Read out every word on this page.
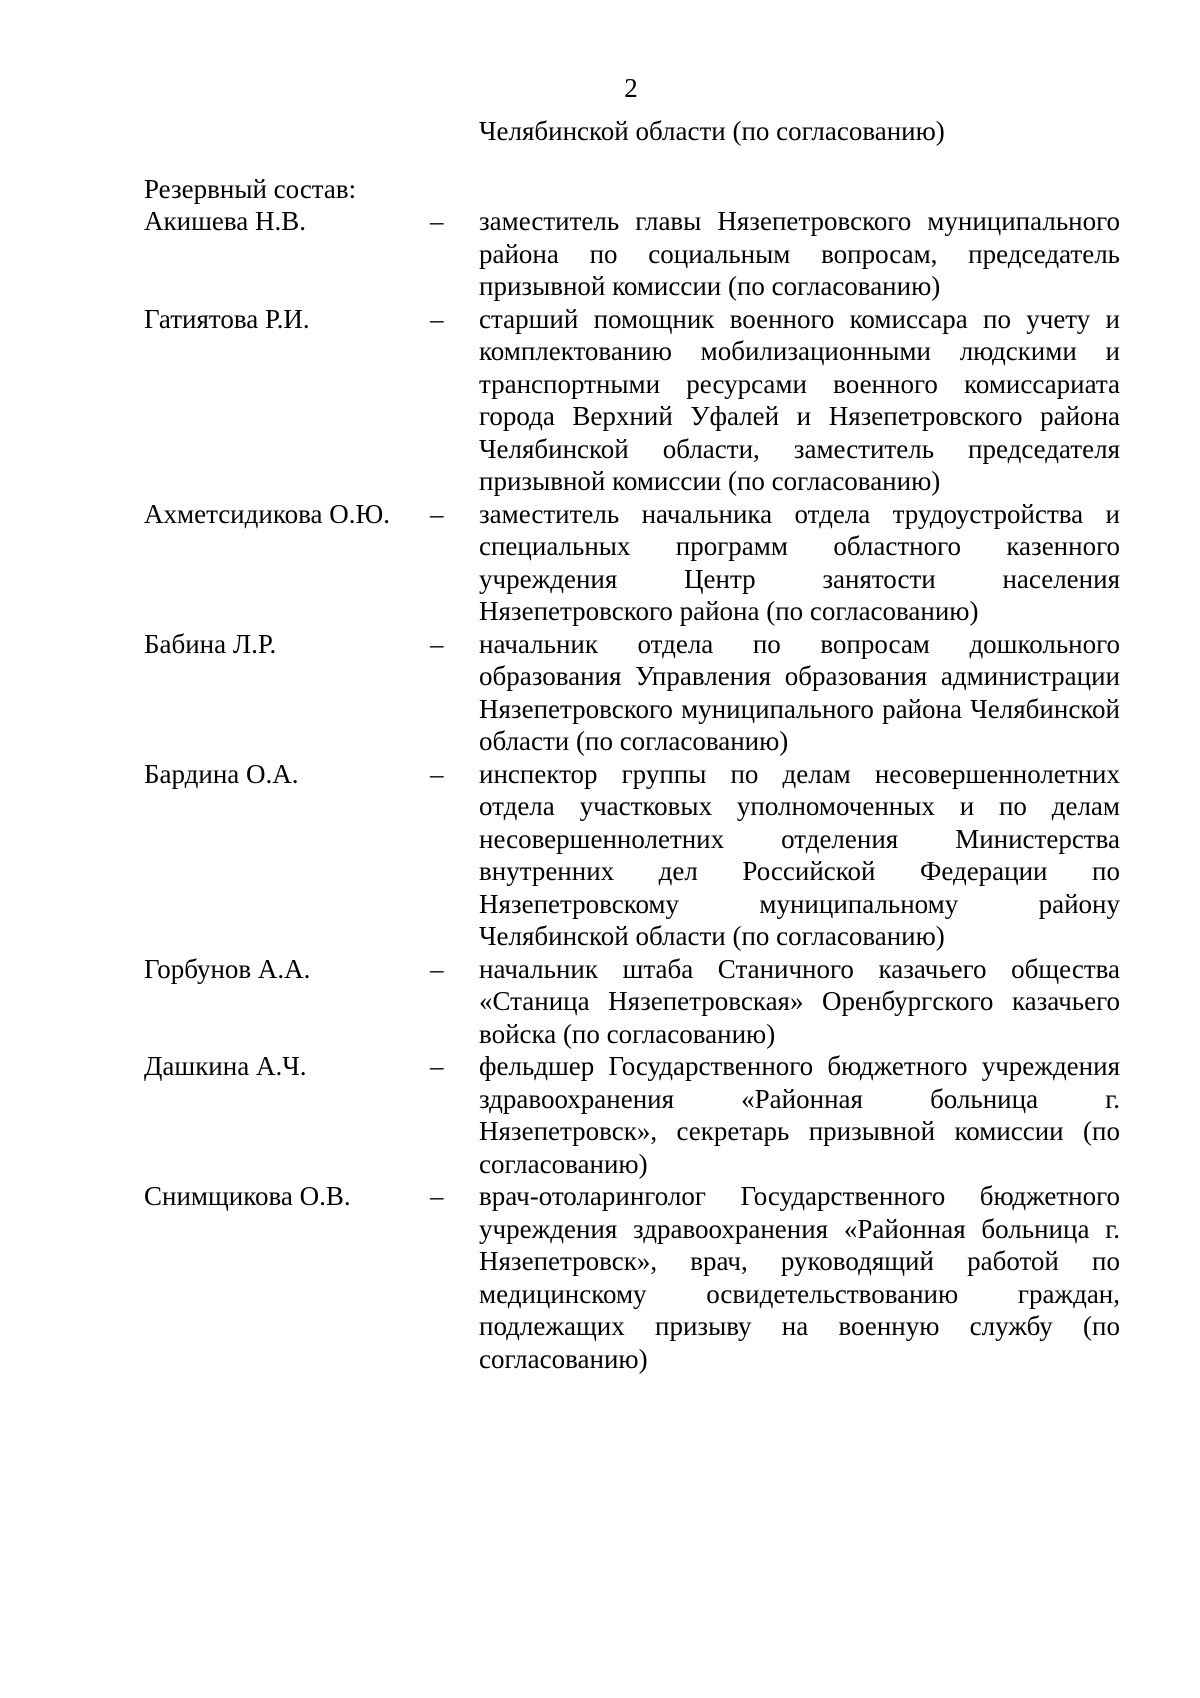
2
Челябинской области (по согласованию)
Резервный состав:
Акишева Н.В.	–	заместитель главы Нязепетровского муниципального района по социальным вопросам, председатель призывной комиссии (по согласованию)
Гатиятова Р.И.	–	старший помощник военного комиссара по учету и комплектованию мобилизационными людскими и транспортными ресурсами военного комиссариата города Верхний Уфалей и Нязепетровского района Челябинской области, заместитель председателя призывной комиссии (по согласованию)
Ахметсидикова О.Ю.	–	заместитель начальника отдела трудоустройства и специальных программ областного казенного учреждения Центр занятости населения Нязепетровского района (по согласованию)
Бабина Л.Р.	–	начальник отдела по вопросам дошкольного образования Управления образования администрации Нязепетровского муниципального района Челябинской области (по согласованию)
Бардина О.А.	–	инспектор группы по делам несовершеннолетних отдела участковых уполномоченных и по делам несовершеннолетних отделения Министерства внутренних дел Российской Федерации по Нязепетровскому муниципальному району Челябинской области (по согласованию)
Горбунов А.А.	–	начальник штаба Станичного казачьего общества «Станица Нязепетровская» Оренбургского казачьего войска (по согласованию)
Дашкина А.Ч.	–	фельдшер Государственного бюджетного учреждения здравоохранения «Районная больница г. Нязепетровск», секретарь призывной комиссии (по согласованию)
Снимщикова О.В.	–	врач-отоларинголог Государственного бюджетного учреждения здравоохранения «Районная больница г. Нязепетровск», врач, руководящий работой по медицинскому освидетельствованию граждан, подлежащих призыву на военную службу (по согласованию)
